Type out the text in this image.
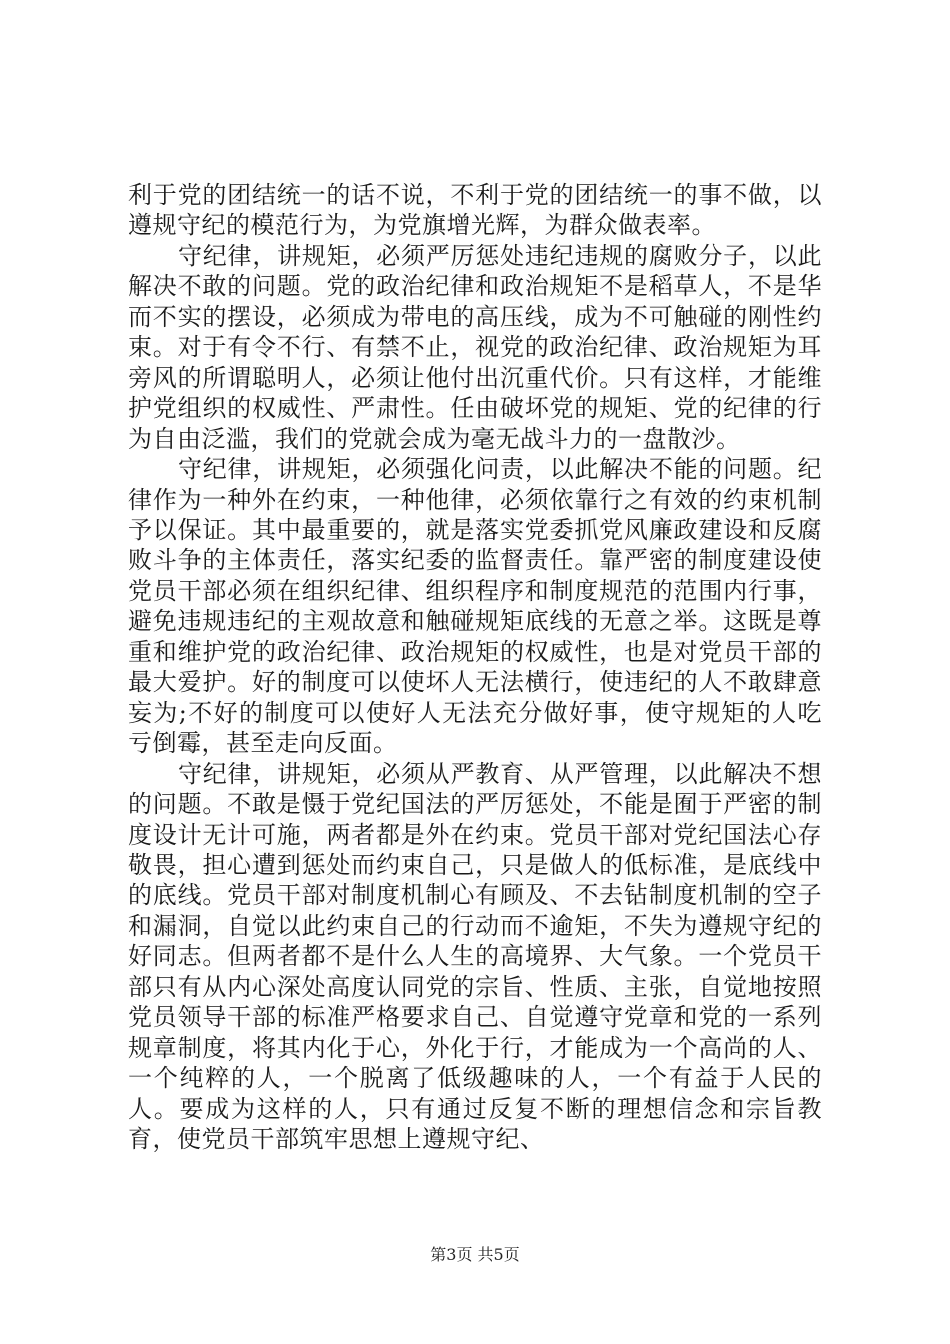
利于党的团结统一的话不说，不利于党的团结统一的事不做，以遵规守纪的模范行为，为党旗增光辉，为群众做表率。

守纪律，讲规矩，必须严厉惩处违纪违规的腐败分子，以此解决不敢的问题。党的政治纪律和政治规矩不是稻草人，不是华而不实的摆设，必须成为带电的高压线，成为不可触碰的刚性约束。对于有令不行、有禁不止，视党的政治纪律、政治规矩为耳旁风的所谓聪明人，必须让他付出沉重代价。只有这样，才能维护党组织的权威性、严肃性。任由破坏党的规矩、党的纪律的行为自由泛滥，我们的党就会成为毫无战斗力的一盘散沙。

守纪律，讲规矩，必须强化问责，以此解决不能的问题。纪律作为一种外在约束，一种他律，必须依靠行之有效的约束机制予以保证。其中最重要的，就是落实党委抓党风廉政建设和反腐败斗争的主体责任，落实纪委的监督责任。靠严密的制度建设使党员干部必须在组织纪律、组织程序和制度规范的范围内行事，避免违规违纪的主观故意和触碰规矩底线的无意之举。这既是尊重和维护党的政治纪律、政治规矩的权威性，也是对党员干部的最大爱护。好的制度可以使坏人无法横行，使违纪的人不敢肆意妄为;不好的制度可以使好人无法充分做好事，使守规矩的人吃亏倒霉，甚至走向反面。

守纪律，讲规矩，必须从严教育、从严管理，以此解决不想的问题。不敢是慑于党纪国法的严厉惩处，不能是囿于严密的制度设计无计可施，两者都是外在约束。党员干部对党纪国法心存敬畏，担心遭到惩处而约束自己，只是做人的低标准，是底线中的底线。党员干部对制度机制心有顾及、不去钻制度机制的空子和漏洞，自觉以此约束自己的行动而不逾矩，不失为遵规守纪的好同志。但两者都不是什么人生的高境界、大气象。一个党员干部只有从内心深处高度认同党的宗旨、性质、主张，自觉地按照党员领导干部的标准严格要求自己、自觉遵守党章和党的一系列规章制度，将其内化于心，外化于行，才能成为一个高尚的人、一个纯粹的人，一个脱离了低级趣味的人，一个有益于人民的人。要成为这样的人，只有通过反复不断的理想信念和宗旨教育，使党员干部筑牢思想上遵规守纪、

第3页 共5页
